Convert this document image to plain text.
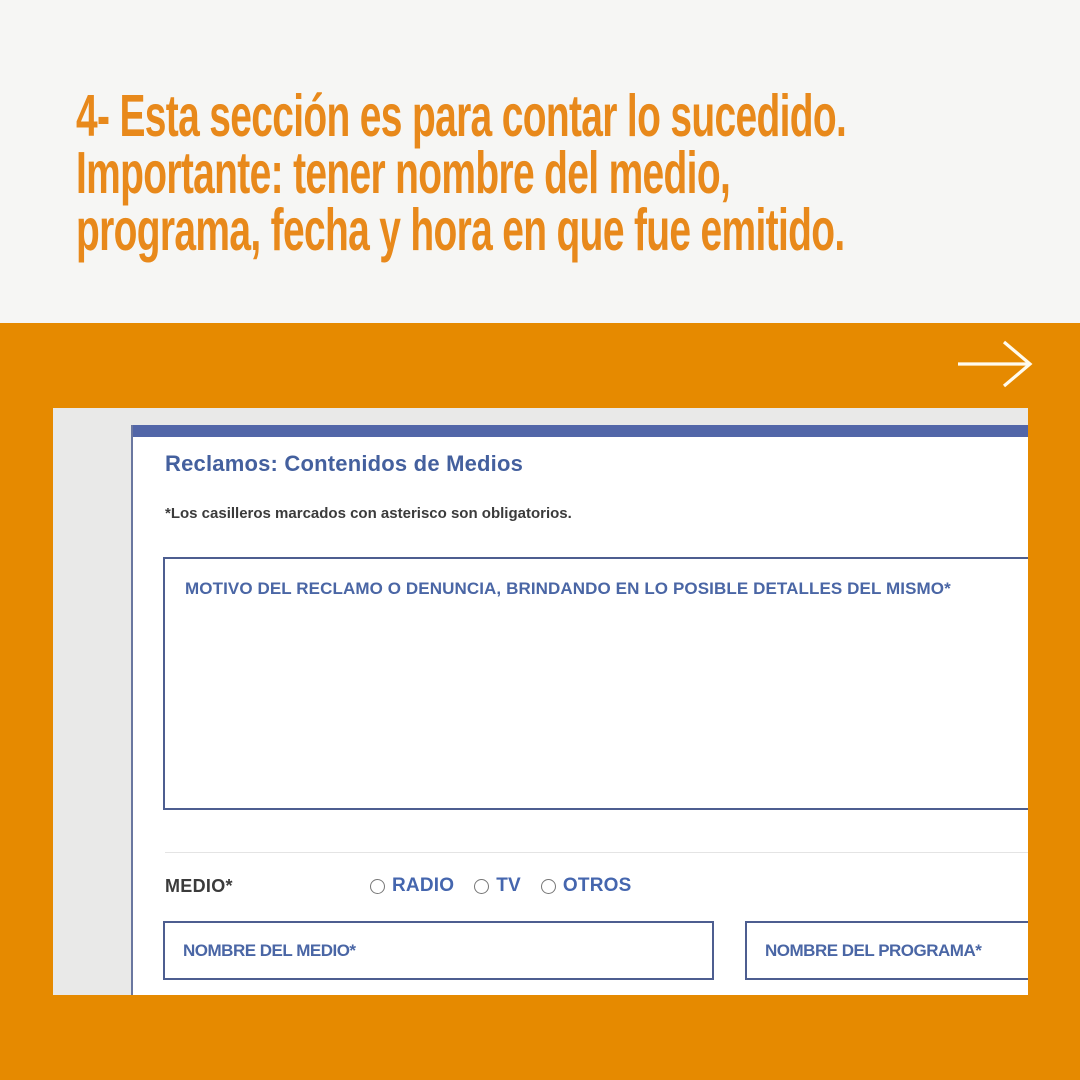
4- Esta sección es para contar lo sucedido.
Importante: tener nombre del medio,
programa, fecha y hora en que fue emitido.
Reclamos: Contenidos de Medios
*Los casilleros marcados con asterisco son obligatorios.
MOTIVO DEL RECLAMO O DENUNCIA, BRINDANDO EN LO POSIBLE DETALLES DEL MISMO*
MEDIO*	RADIO TV OTROS
NOMBRE DEL MEDIO*
NOMBRE DEL PROGRAMA*
